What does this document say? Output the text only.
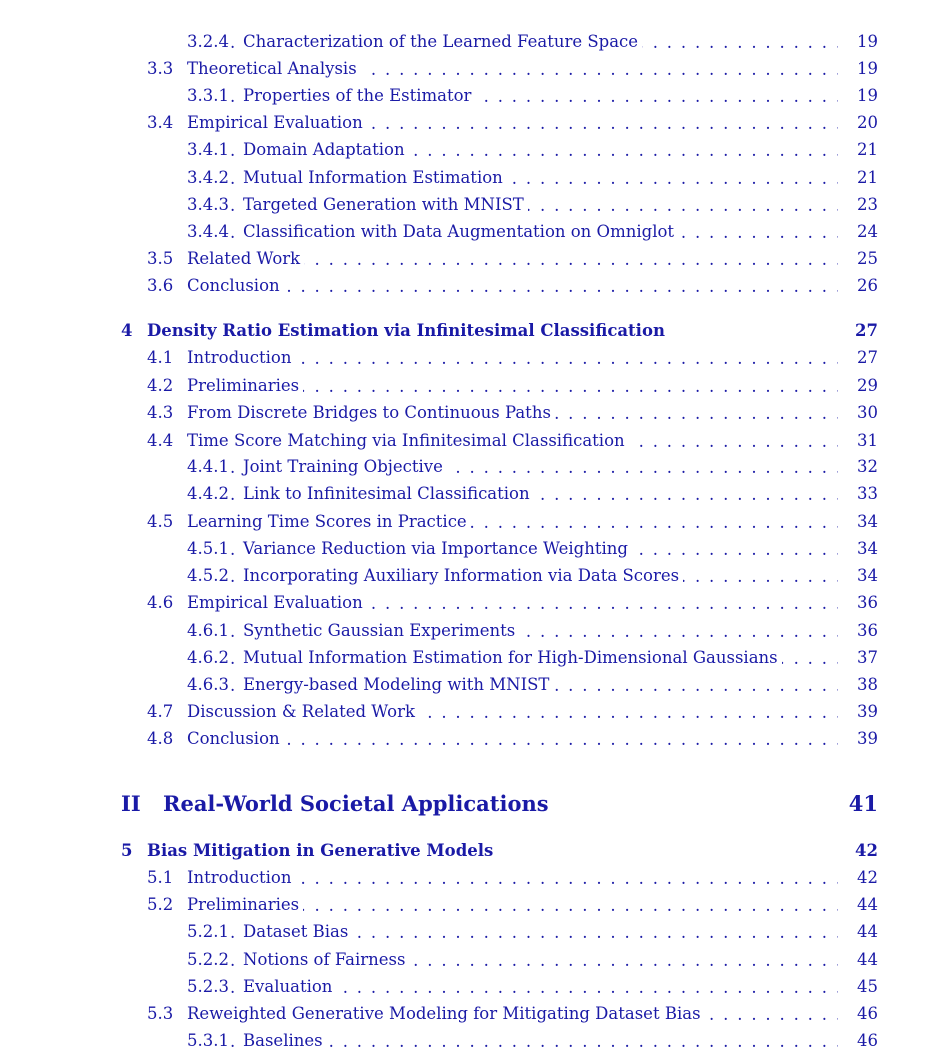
3.2.4 Characterization of the Learned Feature Space . . .	19
3.3 Theoretical Analysis . . .	19
3.3.1 Properties of the Estimator . . .	19
3.4 Empirical Evaluation . . .	20
3.4.1 Domain Adaptation . . .	21
3.4.2 Mutual Information Estimation . . .	21
3.4.3 Targeted Generation with MNIST . . .	23
3.4.4 Classification with Data Augmentation on Omniglot . . .	24
3.5 Related Work . . .	25
3.6 Conclusion . . .	26
4 Density Ratio Estimation via Infinitesimal Classification	27
4.1 Introduction . . .	27
4.2 Preliminaries . . .	29
4.3 From Discrete Bridges to Continuous Paths . . .	30
4.4 Time Score Matching via Infinitesimal Classification . . .	31
4.4.1 Joint Training Objective . . .	32
4.4.2 Link to Infinitesimal Classification . . .	33
4.5 Learning Time Scores in Practice . . .	34
4.5.1 Variance Reduction via Importance Weighting . . .	34
4.5.2 Incorporating Auxiliary Information via Data Scores . . .	34
4.6 Empirical Evaluation . . .	36
4.6.1 Synthetic Gaussian Experiments . . .	36
4.6.2 Mutual Information Estimation for High-Dimensional Gaussians . . .	37
4.6.3 Energy-based Modeling with MNIST . . .	38
4.7 Discussion & Related Work . . .	39
4.8 Conclusion . . .	39
II Real-World Societal Applications	41
5 Bias Mitigation in Generative Models	42
5.1 Introduction . . .	42
5.2 Preliminaries . . .	44
5.2.1 Dataset Bias . . .	44
5.2.2 Notions of Fairness . . .	44
5.2.3 Evaluation . . .	45
5.3 Reweighted Generative Modeling for Mitigating Dataset Bias . . .	46
5.3.1 Baselines . . .	46
